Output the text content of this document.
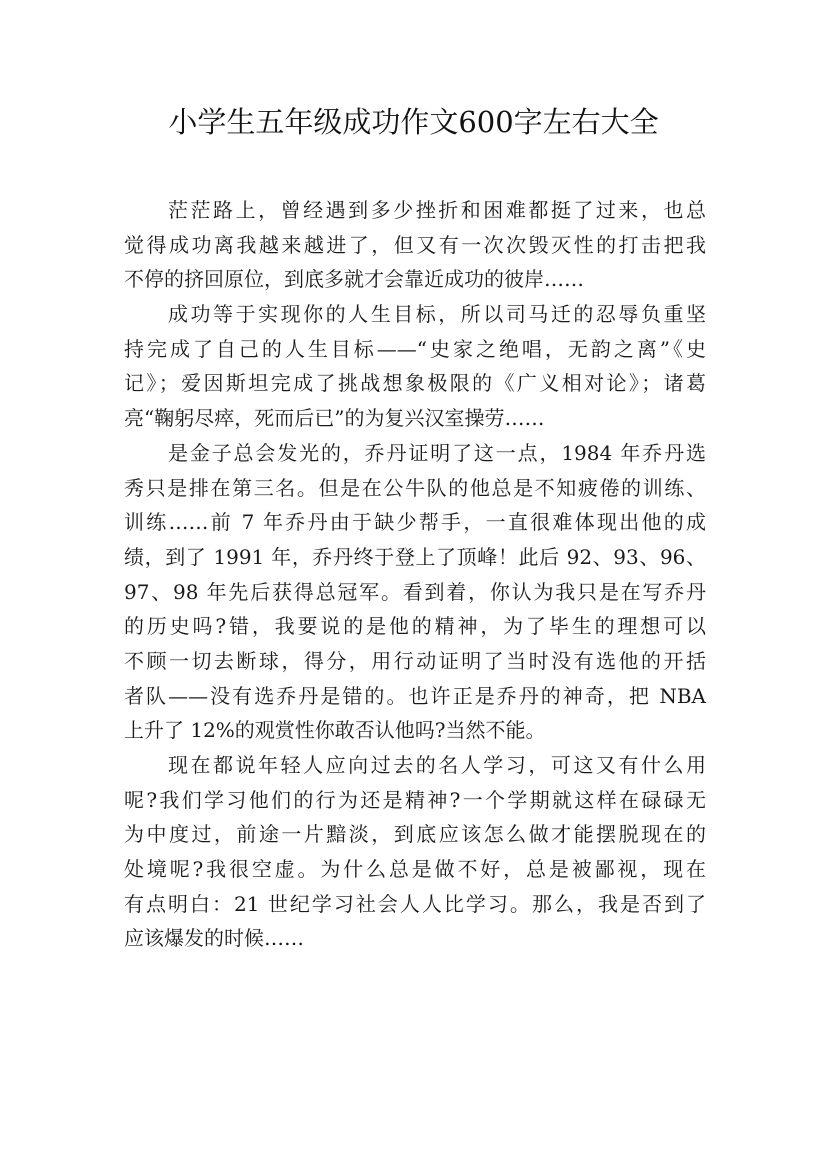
小学生五年级成功作文600字左右大全
茫茫路上，曾经遇到多少挫折和困难都挺了过来，也总
觉得成功离我越来越进了，但又有一次次毁灭性的打击把我
不停的挤回原位，到底多就才会靠近成功的彼岸……
成功等于实现你的人生目标，所以司马迁的忍辱负重坚
持完成了自己的人生目标——“史家之绝唱，无韵之离”《史
记》；爱因斯坦完成了挑战想象极限的《广义相对论》；诸葛
亮“鞠躬尽瘁，死而后已”的为复兴汉室操劳……
是金子总会发光的，乔丹证明了这一点，1984 年乔丹选
秀只是排在第三名。但是在公牛队的他总是不知疲倦的训练、
训练……前 7 年乔丹由于缺少帮手，一直很难体现出他的成
绩，到了 1991 年，乔丹终于登上了顶峰！此后 92、93、96、
97、98 年先后获得总冠军。看到着，你认为我只是在写乔丹
的历史吗?错，我要说的是他的精神，为了毕生的理想可以
不顾一切去断球，得分，用行动证明了当时没有选他的开括
者队——没有选乔丹是错的。也许正是乔丹的神奇，把 NBA
上升了 12%的观赏性你敢否认他吗?当然不能。
现在都说年轻人应向过去的名人学习，可这又有什么用
呢?我们学习他们的行为还是精神?一个学期就这样在碌碌无
为中度过，前途一片黯淡，到底应该怎么做才能摆脱现在的
处境呢?我很空虚。为什么总是做不好，总是被鄙视，现在
有点明白：21 世纪学习社会人人比学习。那么，我是否到了
应该爆发的时候……
